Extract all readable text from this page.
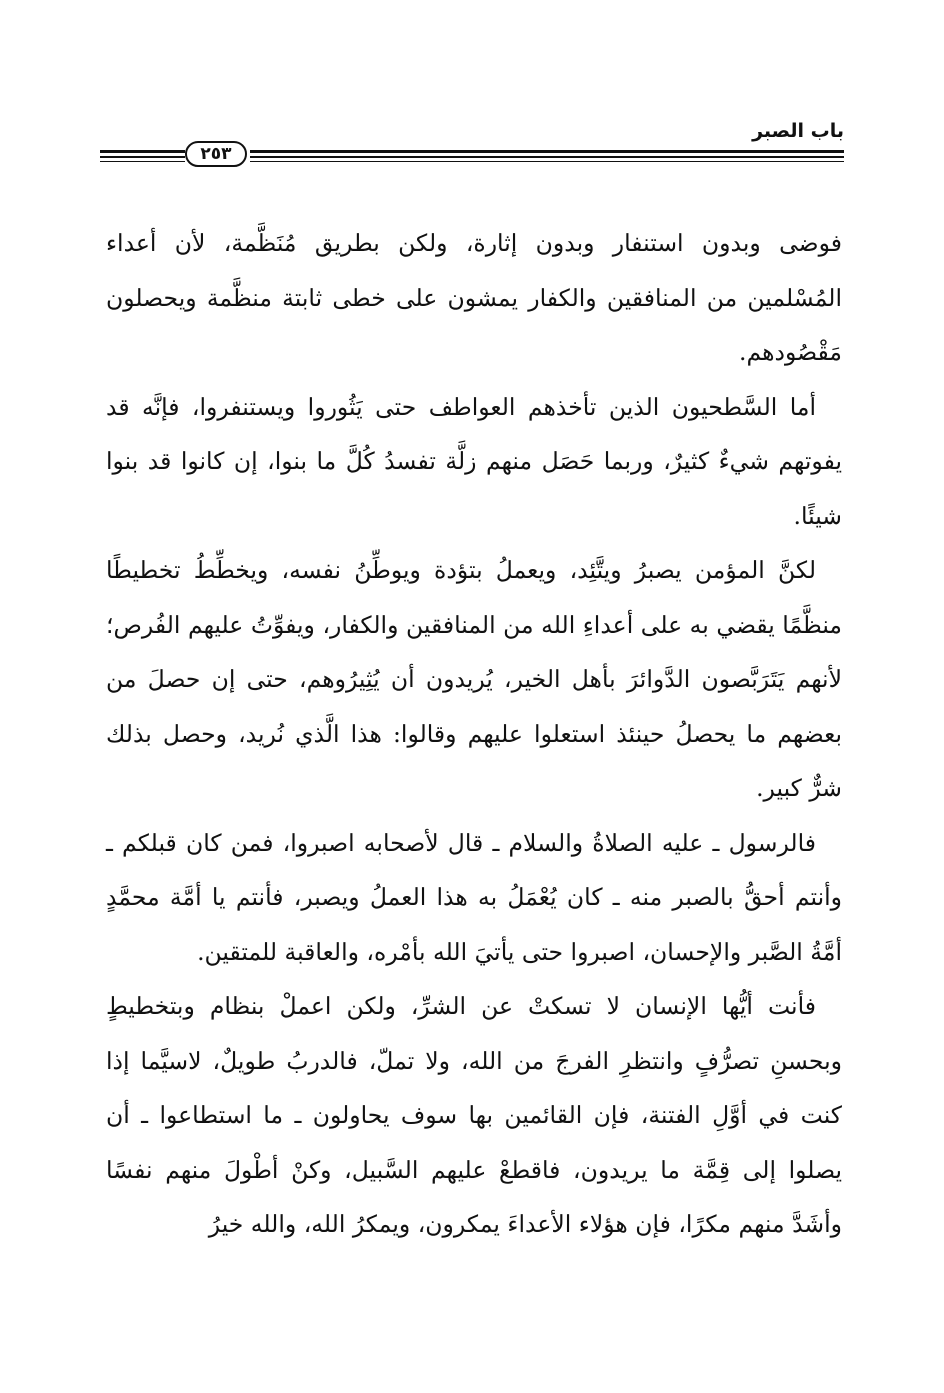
باب الصبر
٢٥٣

فوضى وبدون استنفار وبدون إثارة، ولكن بطريق مُنَظَّمة، لأن أعداء المُسْلمين من المنافقين والكفار يمشون على خطى ثابتة منظَّمة ويحصلون مَقْصُودهم.

أما السَّطحيون الذين تأخذهم العواطف حتى يَثُوروا ويستنفروا، فإنَّه قد يفوتهم شيءٌ كثيرٌ، وربما حَصَل منهم زلَّة تفسدُ كُلَّ ما بنوا، إن كانوا قد بنوا شيئًا.

لكنَّ المؤمن يصبرُ ويتَّئِد، ويعملُ بتؤدة ويوطِّنُ نفسه، ويخطِّطُ تخطيطًا منظَّمًا يقضي به على أعداءِ الله من المنافقين والكفار، ويفوِّتُ عليهم الفُرص؛ لأنهم يَتَرَبَّصون الدَّوائرَ بأهل الخير، يُريدون أن يُثِيرُوهم، حتى إن حصلَ من بعضهم ما يحصلُ حينئذ استعلوا عليهم وقالوا: هذا الَّذي نُريد، وحصل بذلك شرٌّ كبير.

فالرسول ـ عليه الصلاةُ والسلام ـ قال لأصحابه اصبروا، فمن كان قبلكم ـ وأنتم أحقُّ بالصبر منه ـ كان يُعْمَلُ به هذا العملُ ويصبر، فأنتم يا أمَّة محمَّدٍ أمَّةُ الصَّبر والإحسان، اصبروا حتى يأتيَ الله بأمْره، والعاقبة للمتقين.

فأنت أيُّها الإنسان لا تسكتْ عن الشرِّ، ولكن اعملْ بنظام وبتخطيطٍ وبحسنِ تصرُّفٍ وانتظرِ الفرجَ من الله، ولا تملّ، فالدربُ طويلٌ، لاسيَّما إذا كنت في أوَّلِ الفتنة، فإن القائمين بها سوف يحاولون ـ ما استطاعوا ـ أن يصلوا إلى قِمَّة ما يريدون، فاقطعْ عليهم السَّبيل، وكنْ أطْولَ منهم نفسًا وأشَدَّ منهم مكرًا، فإن هؤلاء الأعداءَ يمكرون، ويمكرُ الله، والله خيرُ
